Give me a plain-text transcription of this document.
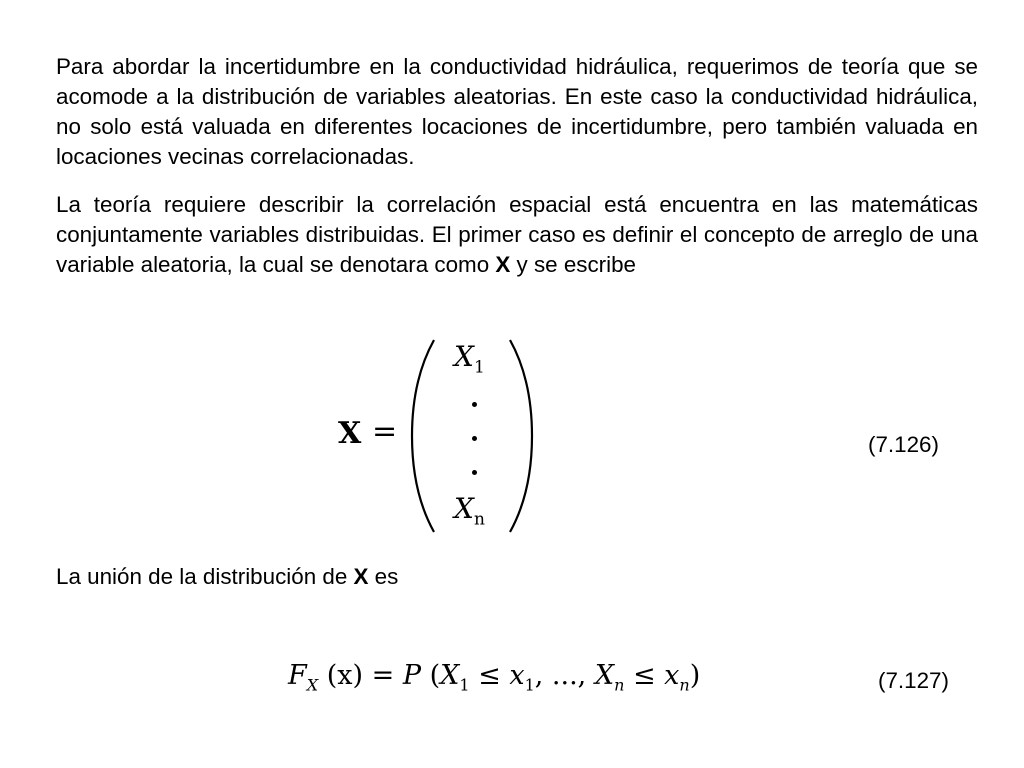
Para abordar la incertidumbre en la conductividad hidráulica, requerimos de teoría que se acomode a la distribución de variables aleatorias. En este caso la conductividad hidráulica, no solo está valuada en diferentes locaciones de incertidumbre, pero también valuada en locaciones vecinas correlacionadas.

La teoría requiere describir la correlación espacial está encuentra en las matemáticas conjuntamente variables distribuidas. El primer caso es definir el concepto de arreglo de una variable aleatoria, la cual se denotara como X y se escribe

X =
$X_1$
$X_n$
(7.126)

La unión de la distribución de X es

$F_X$ (x) = P ($X_1 \le x_1$, ..., $X_n \le x_n$)	(7.127)
